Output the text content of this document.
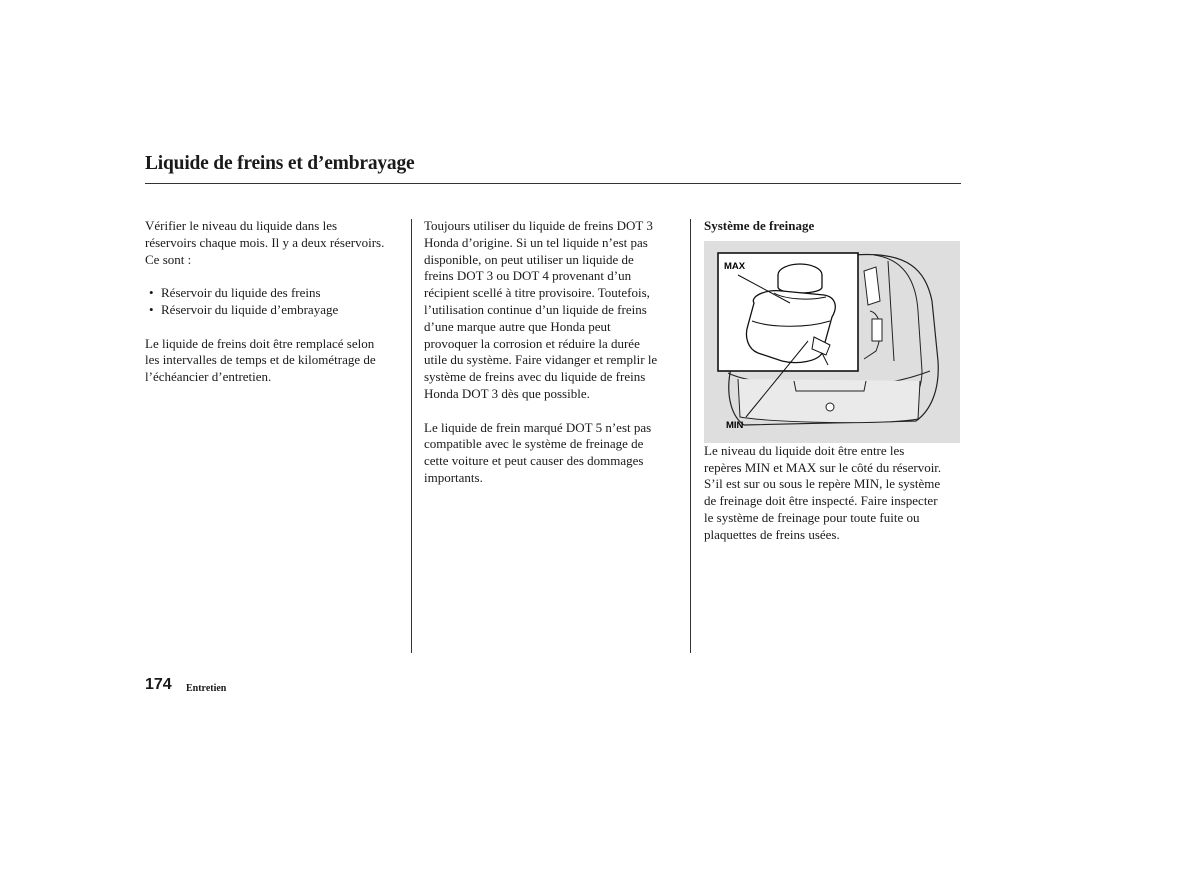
Liquide de freins et d’embrayage

Vérifier le niveau du liquide dans les
réservoirs chaque mois. Il y a deux réservoirs.
Ce sont :

• Réservoir du liquide des freins
• Réservoir du liquide d’embrayage

Le liquide de freins doit être remplacé selon
les intervalles de temps et de kilométrage de
l’échéancier d’entretien.

Toujours utiliser du liquide de freins DOT 3
Honda d’origine. Si un tel liquide n’est pas
disponible, on peut utiliser un liquide de
freins DOT 3 ou DOT 4 provenant d’un
récipient scellé à titre provisoire. Toutefois,
l’utilisation continue d’un liquide de freins
d’une marque autre que Honda peut
provoquer la corrosion et réduire la durée
utile du système. Faire vidanger et remplir le
système de freins avec du liquide de freins
Honda DOT 3 dès que possible.

Le liquide de frein marqué DOT 5 n’est pas
compatible avec le système de freinage de
cette voiture et peut causer des dommages
importants.

Système de freinage

MAX
MIN

Le niveau du liquide doit être entre les
repères MIN et MAX sur le côté du réservoir.
S’il est sur ou sous le repère MIN, le système
de freinage doit être inspecté. Faire inspecter
le système de freinage pour toute fuite ou
plaquettes de freins usées.

174 Entretien
